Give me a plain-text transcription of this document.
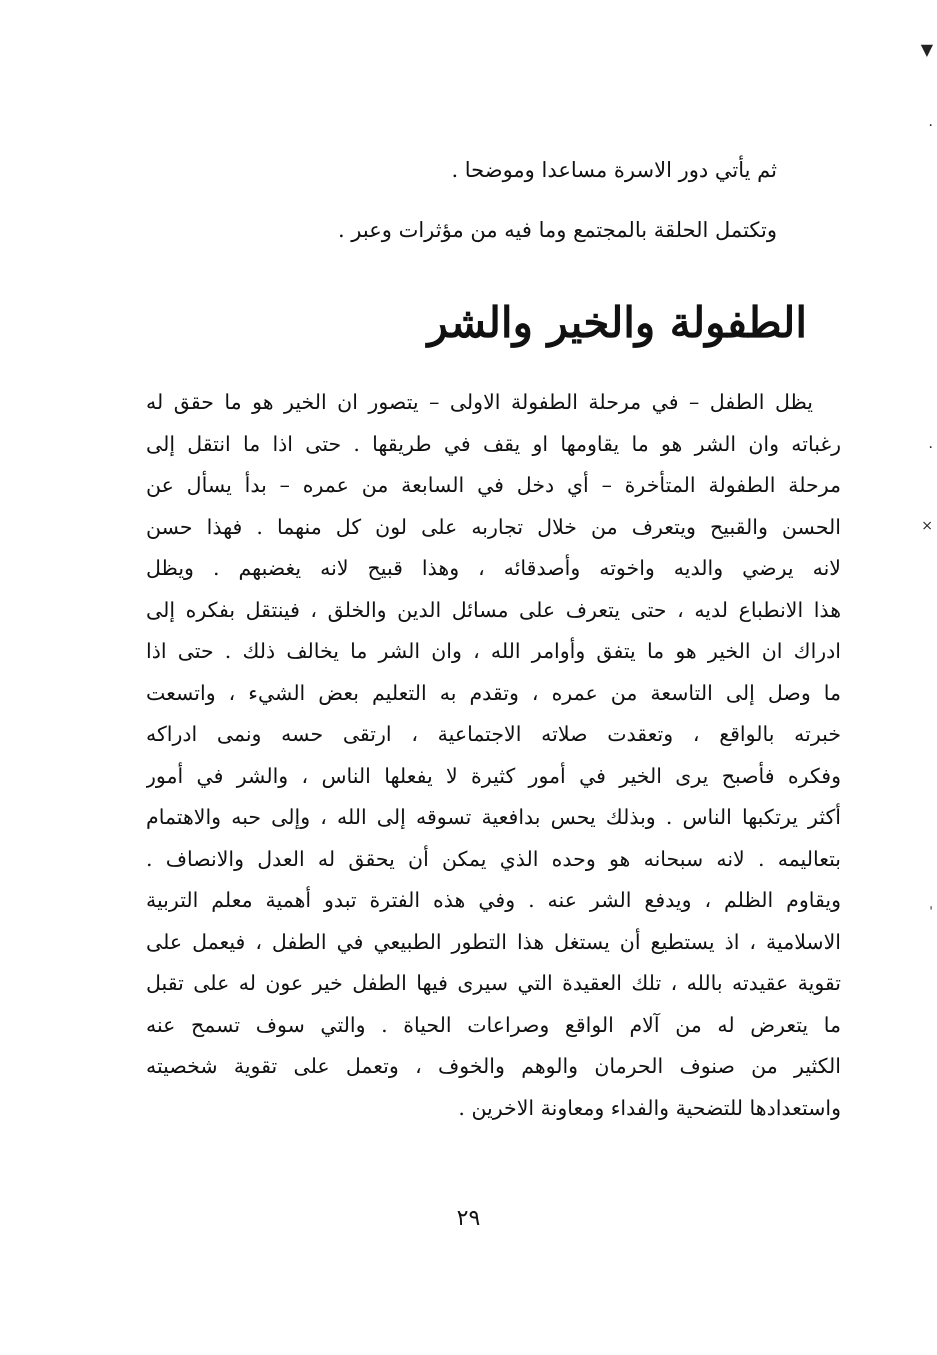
▼
·
·
×
ˈ
ثم يأتي دور الاسرة مساعدا وموضحا .
وتكتمل الحلقة بالمجتمع وما فيه من مؤثرات وعبر .
الطفولة والخير والشر
يظل الطفل – في مرحلة الطفولة الاولى – يتصور ان الخير هو ما حقق له
رغباته وان الشر هو ما يقاومها او يقف في طريقها . حتى اذا ما انتقل إلى
مرحلة الطفولة المتأخرة – أي دخل في السابعة من عمره – بدأ يسأل عن
الحسن والقبيح ويتعرف من خلال تجاربه على لون كل منهما . فهذا حسن
لانه يرضي والديه واخوته وأصدقائه ، وهذا قبيح لانه يغضبهم . ويظل
هذا الانطباع لديه ، حتى يتعرف على مسائل الدين والخلق ، فينتقل بفكره إلى
ادراك ان الخير هو ما يتفق وأوامر الله ، وان الشر ما يخالف ذلك . حتى اذا
ما وصل إلى التاسعة من عمره ، وتقدم به التعليم بعض الشيء ، واتسعت
خبرته بالواقع ، وتعقدت صلاته الاجتماعية ، ارتقى حسه ونمى ادراكه
وفكره فأصبح يرى الخير في أمور كثيرة لا يفعلها الناس ، والشر في أمور
أكثر يرتكبها الناس . وبذلك يحس بدافعية تسوقه إلى الله ، وإلى حبه والاهتمام
بتعاليمه . لانه سبحانه هو وحده الذي يمكن أن يحقق له العدل والانصاف .
ويقاوم الظلم ، ويدفع الشر عنه . وفي هذه الفترة تبدو أهمية معلم التربية
الاسلامية ، اذ يستطيع أن يستغل هذا التطور الطبيعي في الطفل ، فيعمل على
تقوية عقيدته بالله ، تلك العقيدة التي سيرى فيها الطفل خير عون له على تقبل
ما يتعرض له من آلام الواقع وصراعات الحياة . والتي سوف تسمح عنه
الكثير من صنوف الحرمان والوهم والخوف ، وتعمل على تقوية شخصيته
واستعدادها للتضحية والفداء ومعاونة الاخرين .
٢٩
